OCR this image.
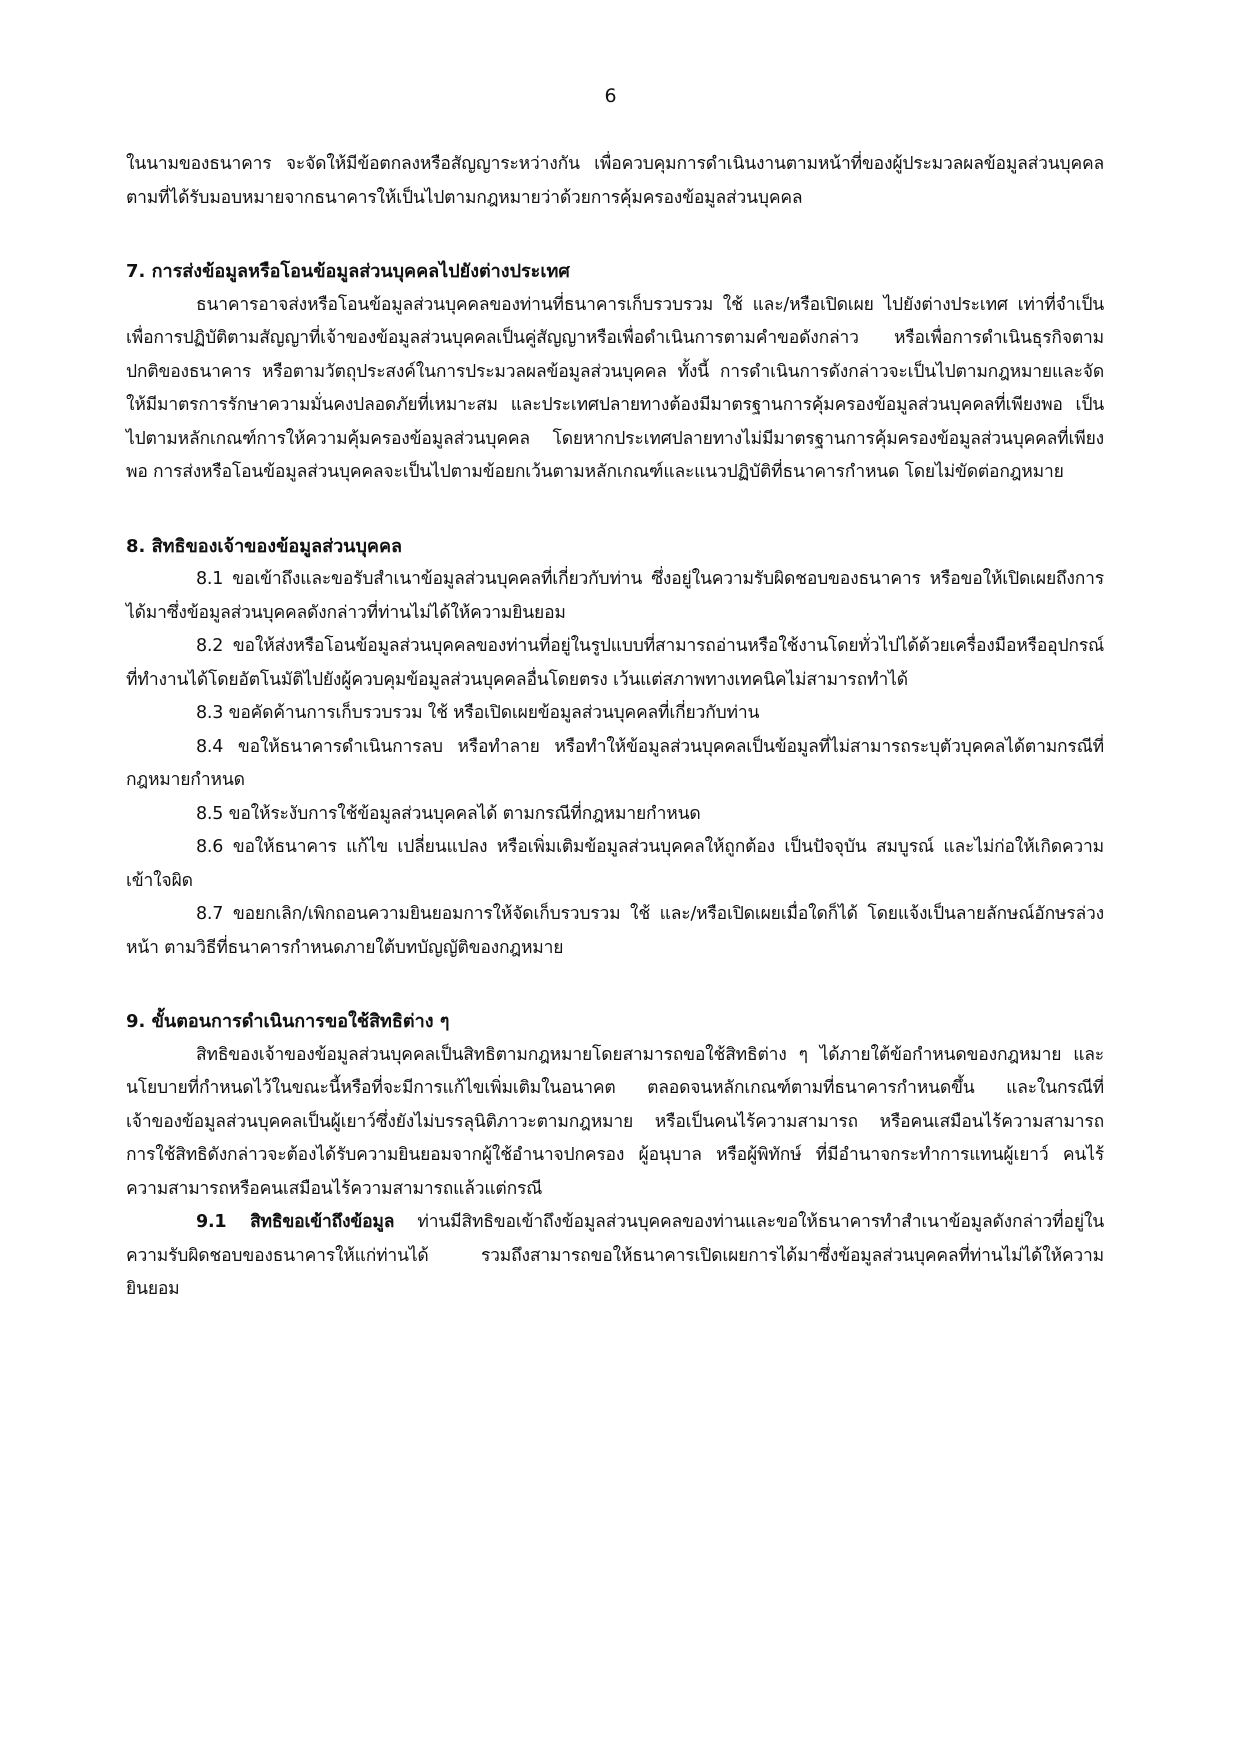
6

ในนามของธนาคาร จะจัดให้มีข้อตกลงหรือสัญญาระหว่างกัน เพื่อควบคุมการดำเนินงานตามหน้าที่ของผู้ประมวลผลข้อมูลส่วนบุคคลตามที่ได้รับมอบหมายจากธนาคารให้เป็นไปตามกฎหมายว่าด้วยการคุ้มครองข้อมูลส่วนบุคคล

7. การส่งข้อมูลหรือโอนข้อมูลส่วนบุคคลไปยังต่างประเทศ

ธนาคารอาจส่งหรือโอนข้อมูลส่วนบุคคลของท่านที่ธนาคารเก็บรวบรวม ใช้ และ/หรือเปิดเผย ไปยังต่างประเทศ เท่าที่จำเป็นเพื่อการปฏิบัติตามสัญญาที่เจ้าของข้อมูลส่วนบุคคลเป็นคู่สัญญาหรือเพื่อดำเนินการตามคำขอดังกล่าว หรือเพื่อการดำเนินธุรกิจตามปกติของธนาคาร หรือตามวัตถุประสงค์ในการประมวลผลข้อมูลส่วนบุคคล ทั้งนี้ การดำเนินการดังกล่าวจะเป็นไปตามกฎหมายและจัดให้มีมาตรการรักษาความมั่นคงปลอดภัยที่เหมาะสม และประเทศปลายทางต้องมีมาตรฐานการคุ้มครองข้อมูลส่วนบุคคลที่เพียงพอ เป็นไปตามหลักเกณฑ์การให้ความคุ้มครองข้อมูลส่วนบุคคล โดยหากประเทศปลายทางไม่มีมาตรฐานการคุ้มครองข้อมูลส่วนบุคคลที่เพียงพอ การส่งหรือโอนข้อมูลส่วนบุคคลจะเป็นไปตามข้อยกเว้นตามหลักเกณฑ์และแนวปฏิบัติที่ธนาคารกำหนด โดยไม่ขัดต่อกฎหมาย

8. สิทธิของเจ้าของข้อมูลส่วนบุคคล

8.1 ขอเข้าถึงและขอรับสำเนาข้อมูลส่วนบุคคลที่เกี่ยวกับท่าน ซึ่งอยู่ในความรับผิดชอบของธนาคาร หรือขอให้เปิดเผยถึงการได้มาซึ่งข้อมูลส่วนบุคคลดังกล่าวที่ท่านไม่ได้ให้ความยินยอม

8.2 ขอให้ส่งหรือโอนข้อมูลส่วนบุคคลของท่านที่อยู่ในรูปแบบที่สามารถอ่านหรือใช้งานโดยทั่วไปได้ด้วยเครื่องมือหรืออุปกรณ์ที่ทำงานได้โดยอัตโนมัติไปยังผู้ควบคุมข้อมูลส่วนบุคคลอื่นโดยตรง เว้นแต่สภาพทางเทคนิคไม่สามารถทำได้

8.3 ขอคัดค้านการเก็บรวบรวม ใช้ หรือเปิดเผยข้อมูลส่วนบุคคลที่เกี่ยวกับท่าน

8.4 ขอให้ธนาคารดำเนินการลบ หรือทำลาย หรือทำให้ข้อมูลส่วนบุคคลเป็นข้อมูลที่ไม่สามารถระบุตัวบุคคลได้ตามกรณีที่กฎหมายกำหนด

8.5 ขอให้ระงับการใช้ข้อมูลส่วนบุคคลได้ ตามกรณีที่กฎหมายกำหนด

8.6 ขอให้ธนาคาร แก้ไข เปลี่ยนแปลง หรือเพิ่มเติมข้อมูลส่วนบุคคลให้ถูกต้อง เป็นปัจจุบัน สมบูรณ์ และไม่ก่อให้เกิดความเข้าใจผิด

8.7 ขอยกเลิก/เพิกถอนความยินยอมการให้จัดเก็บรวบรวม ใช้ และ/หรือเปิดเผยเมื่อใดก็ได้ โดยแจ้งเป็นลายลักษณ์อักษรล่วงหน้า ตามวิธีที่ธนาคารกำหนดภายใต้บทบัญญัติของกฎหมาย

9. ขั้นตอนการดำเนินการขอใช้สิทธิต่าง ๆ

สิทธิของเจ้าของข้อมูลส่วนบุคคลเป็นสิทธิตามกฎหมายโดยสามารถขอใช้สิทธิต่าง ๆ ได้ภายใต้ข้อกำหนดของกฎหมาย และนโยบายที่กำหนดไว้ในขณะนี้หรือที่จะมีการแก้ไขเพิ่มเติมในอนาคต ตลอดจนหลักเกณฑ์ตามที่ธนาคารกำหนดขึ้น และในกรณีที่เจ้าของข้อมูลส่วนบุคคลเป็นผู้เยาว์ซึ่งยังไม่บรรลุนิติภาวะตามกฎหมาย หรือเป็นคนไร้ความสามารถ หรือคนเสมือนไร้ความสามารถ การใช้สิทธิดังกล่าวจะต้องได้รับความยินยอมจากผู้ใช้อำนาจปกครอง ผู้อนุบาล หรือผู้พิทักษ์ ที่มีอำนาจกระทำการแทนผู้เยาว์ คนไร้ความสามารถหรือคนเสมือนไร้ความสามารถแล้วแต่กรณี

9.1 สิทธิขอเข้าถึงข้อมูล ท่านมีสิทธิขอเข้าถึงข้อมูลส่วนบุคคลของท่านและขอให้ธนาคารทำสำเนาข้อมูลดังกล่าวที่อยู่ในความรับผิดชอบของธนาคารให้แก่ท่านได้ รวมถึงสามารถขอให้ธนาคารเปิดเผยการได้มาซึ่งข้อมูลส่วนบุคคลที่ท่านไม่ได้ให้ความยินยอม
